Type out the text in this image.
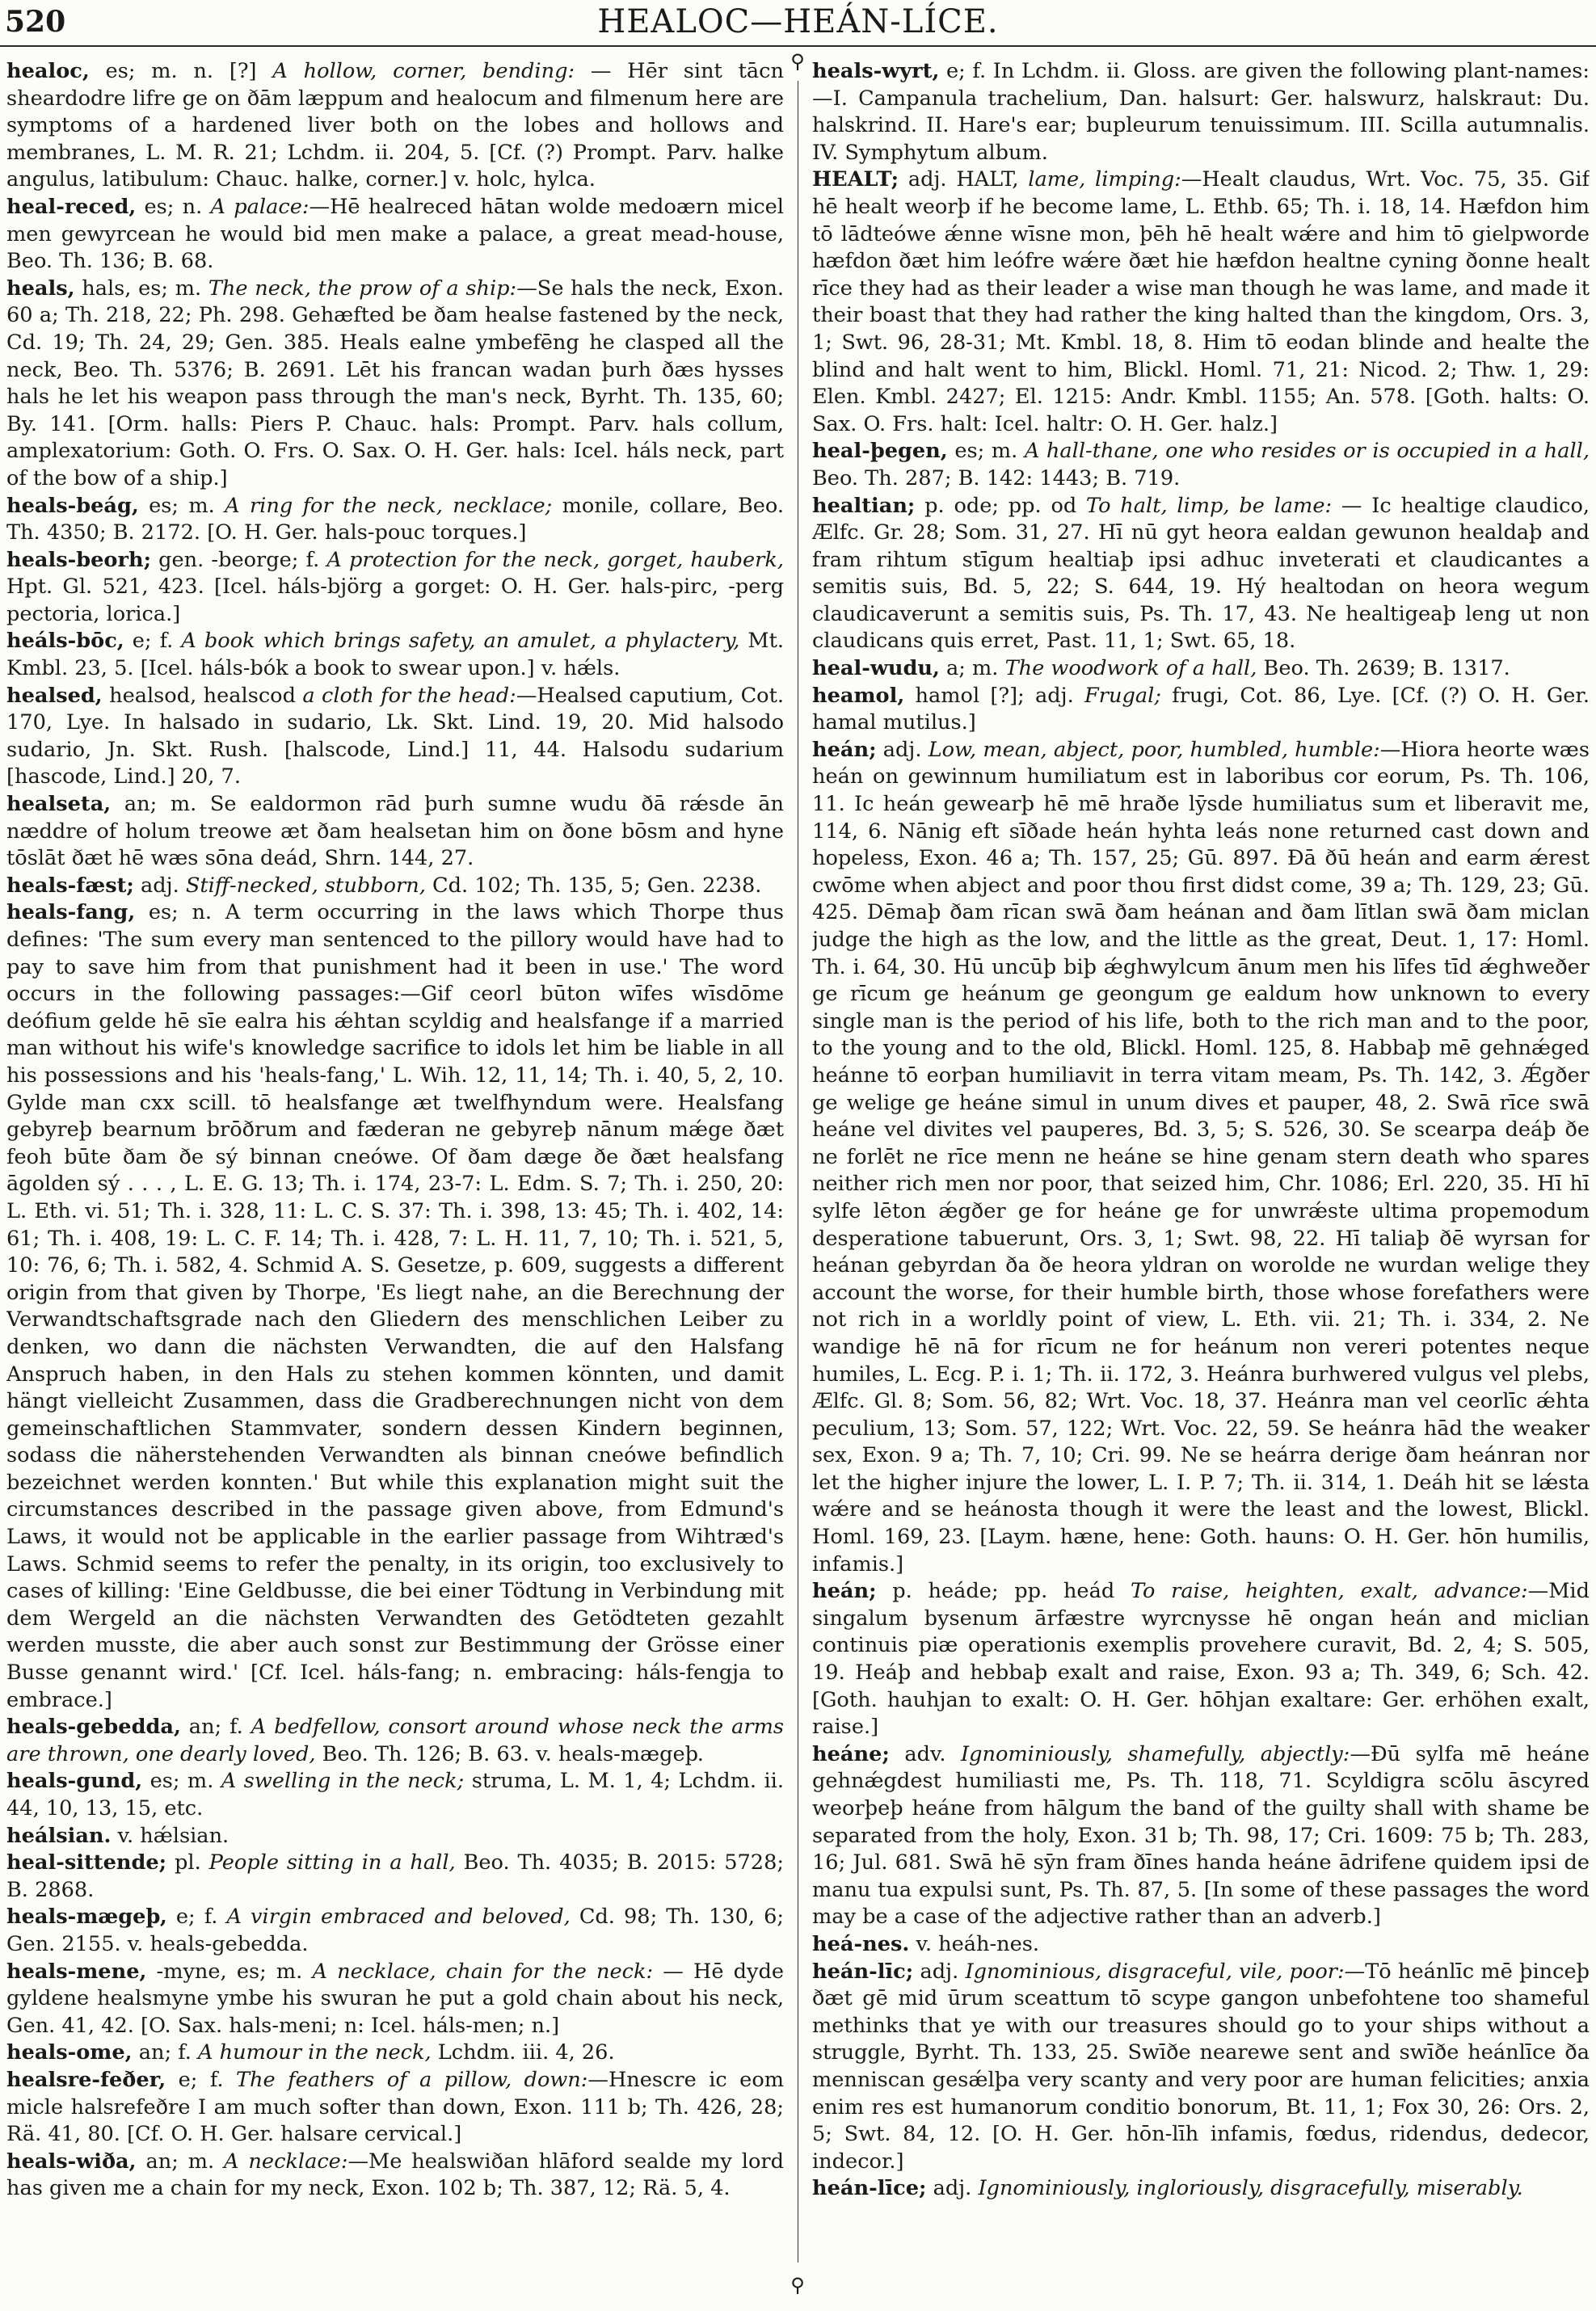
520	HEALOC—HEÁN-LÍCE.
⚲
⚲

healoc, es; m. n. [?] A hollow, corner, bending: — Hēr sint tācn sheardodre lifre ge on ðām læppum and healocum and filmenum here are symptoms of a hardened liver both on the lobes and hollows and membranes, L. M. R. 21; Lchdm. ii. 204, 5. [Cf. (?) Prompt. Parv. halke angulus, latibulum: Chauc. halke, corner.] v. holc, hylca.

heal-reced, es; n. A palace:—Hē healreced hātan wolde medoærn micel men gewyrcean he would bid men make a palace, a great mead-house, Beo. Th. 136; B. 68.

heals, hals, es; m. The neck, the prow of a ship:—Se hals the neck, Exon. 60 a; Th. 218, 22; Ph. 298. Gehæfted be ðam healse fastened by the neck, Cd. 19; Th. 24, 29; Gen. 385. Heals ealne ymbefēng he clasped all the neck, Beo. Th. 5376; B. 2691. Lēt his francan wadan þurh ðæs hysses hals he let his weapon pass through the man's neck, Byrht. Th. 135, 60; By. 141. [Orm. halls: Piers P. Chauc. hals: Prompt. Parv. hals collum, amplexatorium: Goth. O. Frs. O. Sax. O. H. Ger. hals: Icel. háls neck, part of the bow of a ship.]

heals-beág, es; m. A ring for the neck, necklace; monile, collare, Beo. Th. 4350; B. 2172. [O. H. Ger. hals-pouc torques.]

heals-beorh; gen. -beorge; f. A protection for the neck, gorget, hauberk, Hpt. Gl. 521, 423. [Icel. háls-björg a gorget: O. H. Ger. hals-pirc, -perg pectoria, lorica.]

heáls-bōc, e; f. A book which brings safety, an amulet, a phylactery, Mt. Kmbl. 23, 5. [Icel. háls-bók a book to swear upon.] v. hǽls.

healsed, healsod, healscod a cloth for the head:—Healsed caputium, Cot. 170, Lye. In halsado in sudario, Lk. Skt. Lind. 19, 20. Mid halsodo sudario, Jn. Skt. Rush. [halscode, Lind.] 11, 44. Halsodu sudarium [hascode, Lind.] 20, 7.

healseta, an; m. Se ealdormon rād þurh sumne wudu ðā rǽsde ān næddre of holum treowe æt ðam healsetan him on ðone bōsm and hyne tōslāt ðæt hē wæs sōna deád, Shrn. 144, 27.

heals-fæst; adj. Stiff-necked, stubborn, Cd. 102; Th. 135, 5; Gen. 2238.

heals-fang, es; n. A term occurring in the laws which Thorpe thus defines: 'The sum every man sentenced to the pillory would have had to pay to save him from that punishment had it been in use.' The word occurs in the following passages:—Gif ceorl būton wīfes wīsdōme deófium gelde hē sīe ealra his ǽhtan scyldig and healsfange if a married man without his wife's knowledge sacrifice to idols let him be liable in all his possessions and his 'heals-fang,' L. Wih. 12, 11, 14; Th. i. 40, 5, 2, 10. Gylde man cxx scill. tō healsfange æt twelfhyndum were. Healsfang gebyreþ bearnum brōðrum and fæderan ne gebyreþ nānum mǽge ðæt feoh būte ðam ðe sý binnan cneówe. Of ðam dæge ðe ðæt healsfang āgolden sý . . . , L. E. G. 13; Th. i. 174, 23-7: L. Edm. S. 7; Th. i. 250, 20: L. Eth. vi. 51; Th. i. 328, 11: L. C. S. 37: Th. i. 398, 13: 45; Th. i. 402, 14: 61; Th. i. 408, 19: L. C. F. 14; Th. i. 428, 7: L. H. 11, 7, 10; Th. i. 521, 5, 10: 76, 6; Th. i. 582, 4. Schmid A. S. Gesetze, p. 609, suggests a different origin from that given by Thorpe, 'Es liegt nahe, an die Berechnung der Verwandtschaftsgrade nach den Gliedern des menschlichen Leiber zu denken, wo dann die nächsten Verwandten, die auf den Halsfang Anspruch haben, in den Hals zu stehen kommen könnten, und damit hängt vielleicht Zusammen, dass die Gradberechnungen nicht von dem gemeinschaftlichen Stammvater, sondern dessen Kindern beginnen, sodass die näherstehenden Verwandten als binnan cneówe befindlich bezeichnet werden konnten.' But while this explanation might suit the circumstances described in the passage given above, from Edmund's Laws, it would not be applicable in the earlier passage from Wihtræd's Laws. Schmid seems to refer the penalty, in its origin, too exclusively to cases of killing: 'Eine Geldbusse, die bei einer Tödtung in Verbindung mit dem Wergeld an die nächsten Verwandten des Getödteten gezahlt werden musste, die aber auch sonst zur Bestimmung der Grösse einer Busse genannt wird.' [Cf. Icel. háls-fang; n. embracing: háls-fengja to embrace.]

heals-gebedda, an; f. A bedfellow, consort around whose neck the arms are thrown, one dearly loved, Beo. Th. 126; B. 63. v. heals-mægeþ.

heals-gund, es; m. A swelling in the neck; struma, L. M. 1, 4; Lchdm. ii. 44, 10, 13, 15, etc.

heálsian. v. hǽlsian.

heal-sittende; pl. People sitting in a hall, Beo. Th. 4035; B. 2015: 5728; B. 2868.

heals-mægeþ, e; f. A virgin embraced and beloved, Cd. 98; Th. 130, 6; Gen. 2155. v. heals-gebedda.

heals-mene, -myne, es; m. A necklace, chain for the neck: — Hē dyde gyldene healsmyne ymbe his swuran he put a gold chain about his neck, Gen. 41, 42. [O. Sax. hals-meni; n: Icel. háls-men; n.]

heals-ome, an; f. A humour in the neck, Lchdm. iii. 4, 26.

healsre-feðer, e; f. The feathers of a pillow, down:—Hnescre ic eom micle halsrefeðre I am much softer than down, Exon. 111 b; Th. 426, 28; Rä. 41, 80. [Cf. O. H. Ger. halsare cervical.]

heals-wiða, an; m. A necklace:—Me healswiðan hlāford sealde my lord has given me a chain for my neck, Exon. 102 b; Th. 387, 12; Rä. 5, 4.

heals-wyrt, e; f. In Lchdm. ii. Gloss. are given the following plant-names:—I. Campanula trachelium, Dan. halsurt: Ger. halswurz, halskraut: Du. halskrind. II. Hare's ear; bupleurum tenuissimum. III. Scilla autumnalis. IV. Symphytum album.

HEALT; adj. HALT, lame, limping:—Healt claudus, Wrt. Voc. 75, 35. Gif hē healt weorþ if he become lame, L. Ethb. 65; Th. i. 18, 14. Hæfdon him tō lādteówe ǽnne wīsne mon, þēh hē healt wǽre and him tō gielpworde hæfdon ðæt him leófre wǽre ðæt hie hæfdon healtne cyning ðonne healt rīce they had as their leader a wise man though he was lame, and made it their boast that they had rather the king halted than the kingdom, Ors. 3, 1; Swt. 96, 28-31; Mt. Kmbl. 18, 8. Him tō eodan blinde and healte the blind and halt went to him, Blickl. Homl. 71, 21: Nicod. 2; Thw. 1, 29: Elen. Kmbl. 2427; El. 1215: Andr. Kmbl. 1155; An. 578. [Goth. halts: O. Sax. O. Frs. halt: Icel. haltr: O. H. Ger. halz.]

heal-þegen, es; m. A hall-thane, one who resides or is occupied in a hall, Beo. Th. 287; B. 142: 1443; B. 719.

healtian; p. ode; pp. od To halt, limp, be lame: — Ic healtige claudico, Ælfc. Gr. 28; Som. 31, 27. Hī nū gyt heora ealdan gewunon healdaþ and fram rihtum stīgum healtiaþ ipsi adhuc inveterati et claudicantes a semitis suis, Bd. 5, 22; S. 644, 19. Hý healtodan on heora wegum claudicaverunt a semitis suis, Ps. Th. 17, 43. Ne healtigeaþ leng ut non claudicans quis erret, Past. 11, 1; Swt. 65, 18.

heal-wudu, a; m. The woodwork of a hall, Beo. Th. 2639; B. 1317.

heamol, hamol [?]; adj. Frugal; frugi, Cot. 86, Lye. [Cf. (?) O. H. Ger. hamal mutilus.]

heán; adj. Low, mean, abject, poor, humbled, humble:—Hiora heorte wæs heán on gewinnum humiliatum est in laboribus cor eorum, Ps. Th. 106, 11. Ic heán gewearþ hē mē hraðe lȳsde humiliatus sum et liberavit me, 114, 6. Nānig eft sīðade heán hyhta leás none returned cast down and hopeless, Exon. 46 a; Th. 157, 25; Gū. 897. Ðā ðū heán and earm ǽrest cwōme when abject and poor thou first didst come, 39 a; Th. 129, 23; Gū. 425. Dēmaþ ðam rīcan swā ðam heánan and ðam lītlan swā ðam miclan judge the high as the low, and the little as the great, Deut. 1, 17: Homl. Th. i. 64, 30. Hū uncūþ biþ ǽghwylcum ānum men his līfes tīd ǽghweðer ge rīcum ge heánum ge geongum ge ealdum how unknown to every single man is the period of his life, both to the rich man and to the poor, to the young and to the old, Blickl. Homl. 125, 8. Habbaþ mē gehnǽged heánne tō eorþan humiliavit in terra vitam meam, Ps. Th. 142, 3. Ǽgðer ge welige ge heáne simul in unum dives et pauper, 48, 2. Swā rīce swā heáne vel divites vel pauperes, Bd. 3, 5; S. 526, 30. Se scearpa deáþ ðe ne forlēt ne rīce menn ne heáne se hine genam stern death who spares neither rich men nor poor, that seized him, Chr. 1086; Erl. 220, 35. Hī hī sylfe lēton ǽgðer ge for heáne ge for unwrǽste ultima propemodum desperatione tabuerunt, Ors. 3, 1; Swt. 98, 22. Hī taliaþ ðē wyrsan for heánan gebyrdan ða ðe heora yldran on worolde ne wurdan welige they account the worse, for their humble birth, those whose forefathers were not rich in a worldly point of view, L. Eth. vii. 21; Th. i. 334, 2. Ne wandige hē nā for rīcum ne for heánum non vereri potentes neque humiles, L. Ecg. P. i. 1; Th. ii. 172, 3. Heánra burhwered vulgus vel plebs, Ælfc. Gl. 8; Som. 56, 82; Wrt. Voc. 18, 37. Heánra man vel ceorlīc ǽhta peculium, 13; Som. 57, 122; Wrt. Voc. 22, 59. Se heánra hād the weaker sex, Exon. 9 a; Th. 7, 10; Cri. 99. Ne se heárra derige ðam heánran nor let the higher injure the lower, L. I. P. 7; Th. ii. 314, 1. Deáh hit se lǽsta wǽre and se heánosta though it were the least and the lowest, Blickl. Homl. 169, 23. [Laym. hæne, hene: Goth. hauns: O. H. Ger. hōn humilis, infamis.]

heán; p. heáde; pp. heád To raise, heighten, exalt, advance:—Mid singalum bysenum ārfæstre wyrcnysse hē ongan heán and miclian continuis piæ operationis exemplis provehere curavit, Bd. 2, 4; S. 505, 19. Heáþ and hebbaþ exalt and raise, Exon. 93 a; Th. 349, 6; Sch. 42. [Goth. hauhjan to exalt: O. H. Ger. hōhjan exaltare: Ger. erhöhen exalt, raise.]

heáne; adv. Ignominiously, shamefully, abjectly:—Ðū sylfa mē heáne gehnǽgdest humiliasti me, Ps. Th. 118, 71. Scyldigra scōlu āscyred weorþeþ heáne from hālgum the band of the guilty shall with shame be separated from the holy, Exon. 31 b; Th. 98, 17; Cri. 1609: 75 b; Th. 283, 16; Jul. 681. Swā hē sȳn fram ðīnes handa heáne ādrifene quidem ipsi de manu tua expulsi sunt, Ps. Th. 87, 5. [In some of these passages the word may be a case of the adjective rather than an adverb.]

heá-nes. v. heáh-nes.

heán-līc; adj. Ignominious, disgraceful, vile, poor:—Tō heánlīc mē þinceþ ðæt gē mid ūrum sceattum tō scype gangon unbefohtene too shameful methinks that ye with our treasures should go to your ships without a struggle, Byrht. Th. 133, 25. Swīðe nearewe sent and swīðe heánlīce ða menniscan gesǽlþa very scanty and very poor are human felicities; anxia enim res est humanorum conditio bonorum, Bt. 11, 1; Fox 30, 26: Ors. 2, 5; Swt. 84, 12. [O. H. Ger. hōn-līh infamis, fœdus, ridendus, dedecor, indecor.]

heán-līce; adj. Ignominiously, ingloriously, disgracefully, miserably.
